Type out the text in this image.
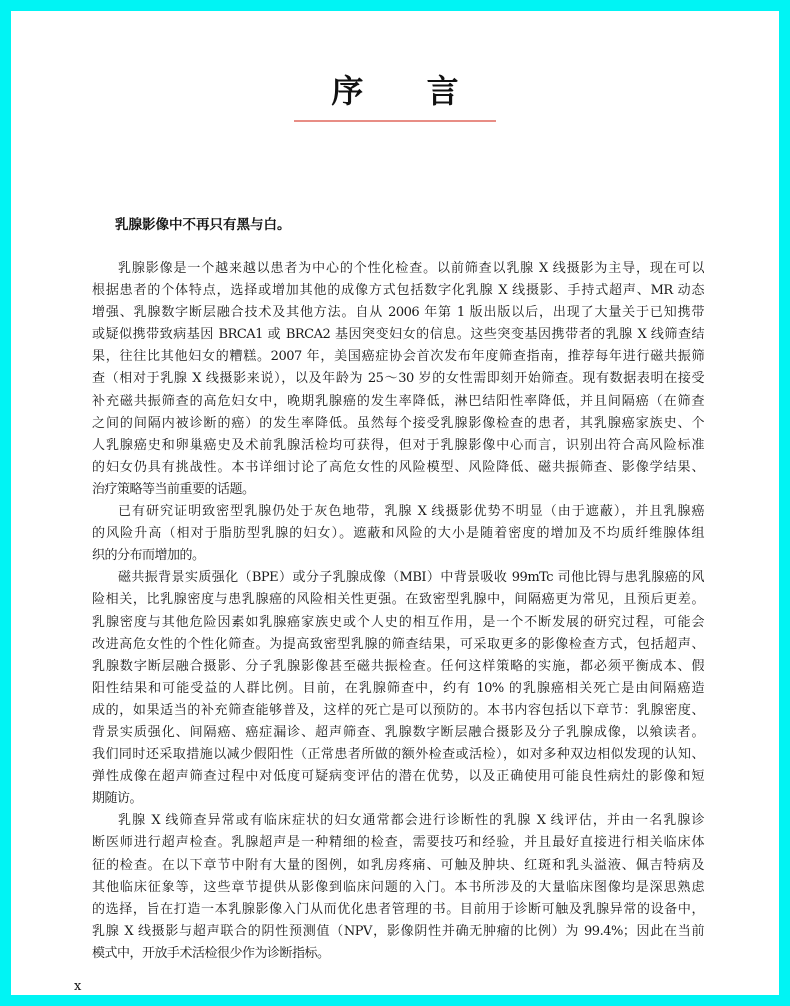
序 言
乳腺影像中不再只有黑与白。
乳腺影像是一个越来越以患者为中心的个性化检查。以前筛查以乳腺 X 线摄影为主导，现在可以
根据患者的个体特点，选择或增加其他的成像方式包括数字化乳腺 X 线摄影、手持式超声、MR 动态
增强、乳腺数字断层融合技术及其他方法。自从 2006 年第 1 版出版以后，出现了大量关于已知携带
或疑似携带致病基因 BRCA1 或 BRCA2 基因突变妇女的信息。这些突变基因携带者的乳腺 X 线筛查结
果，往往比其他妇女的糟糕。2007 年，美国癌症协会首次发布年度筛查指南，推荐每年进行磁共振筛
查（相对于乳腺 X 线摄影来说），以及年龄为 25～30 岁的女性需即刻开始筛查。现有数据表明在接受
补充磁共振筛查的高危妇女中，晚期乳腺癌的发生率降低，淋巴结阳性率降低，并且间隔癌（在筛查
之间的间隔内被诊断的癌）的发生率降低。虽然每个接受乳腺影像检查的患者，其乳腺癌家族史、个
人乳腺癌史和卵巢癌史及术前乳腺活检均可获得，但对于乳腺影像中心而言，识别出符合高风险标准
的妇女仍具有挑战性。本书详细讨论了高危女性的风险模型、风险降低、磁共振筛查、影像学结果、
治疗策略等当前重要的话题。
已有研究证明致密型乳腺仍处于灰色地带，乳腺 X 线摄影优势不明显（由于遮蔽），并且乳腺癌
的风险升高（相对于脂肪型乳腺的妇女）。遮蔽和风险的大小是随着密度的增加及不均质纤维腺体组
织的分布而增加的。
磁共振背景实质强化（BPE）或分子乳腺成像（MBI）中背景吸收 99mTc 司他比锝与患乳腺癌的风
险相关，比乳腺密度与患乳腺癌的风险相关性更强。在致密型乳腺中，间隔癌更为常见，且预后更差。
乳腺密度与其他危险因素如乳腺癌家族史或个人史的相互作用，是一个不断发展的研究过程，可能会
改进高危女性的个性化筛查。为提高致密型乳腺的筛查结果，可采取更多的影像检查方式，包括超声、
乳腺数字断层融合摄影、分子乳腺影像甚至磁共振检查。任何这样策略的实施，都必须平衡成本、假
阳性结果和可能受益的人群比例。目前，在乳腺筛查中，约有 10% 的乳腺癌相关死亡是由间隔癌造
成的，如果适当的补充筛查能够普及，这样的死亡是可以预防的。本书内容包括以下章节：乳腺密度、
背景实质强化、间隔癌、癌症漏诊、超声筛查、乳腺数字断层融合摄影及分子乳腺成像，以飨读者。
我们同时还采取措施以减少假阳性（正常患者所做的额外检查或活检），如对多种双边相似发现的认知、
弹性成像在超声筛查过程中对低度可疑病变评估的潜在优势，以及正确使用可能良性病灶的影像和短
期随访。
乳腺 X 线筛查异常或有临床症状的妇女通常都会进行诊断性的乳腺 X 线评估，并由一名乳腺诊
断医师进行超声检查。乳腺超声是一种精细的检查，需要技巧和经验，并且最好直接进行相关临床体
征的检查。在以下章节中附有大量的图例，如乳房疼痛、可触及肿块、红斑和乳头溢液、佩吉特病及
其他临床征象等，这些章节提供从影像到临床问题的入门。本书所涉及的大量临床图像均是深思熟虑
的选择，旨在打造一本乳腺影像入门从而优化患者管理的书。目前用于诊断可触及乳腺异常的设备中，
乳腺 X 线摄影与超声联合的阴性预测值（NPV，影像阴性并确无肿瘤的比例）为 99.4%；因此在当前
模式中，开放手术活检很少作为诊断指标。
x
